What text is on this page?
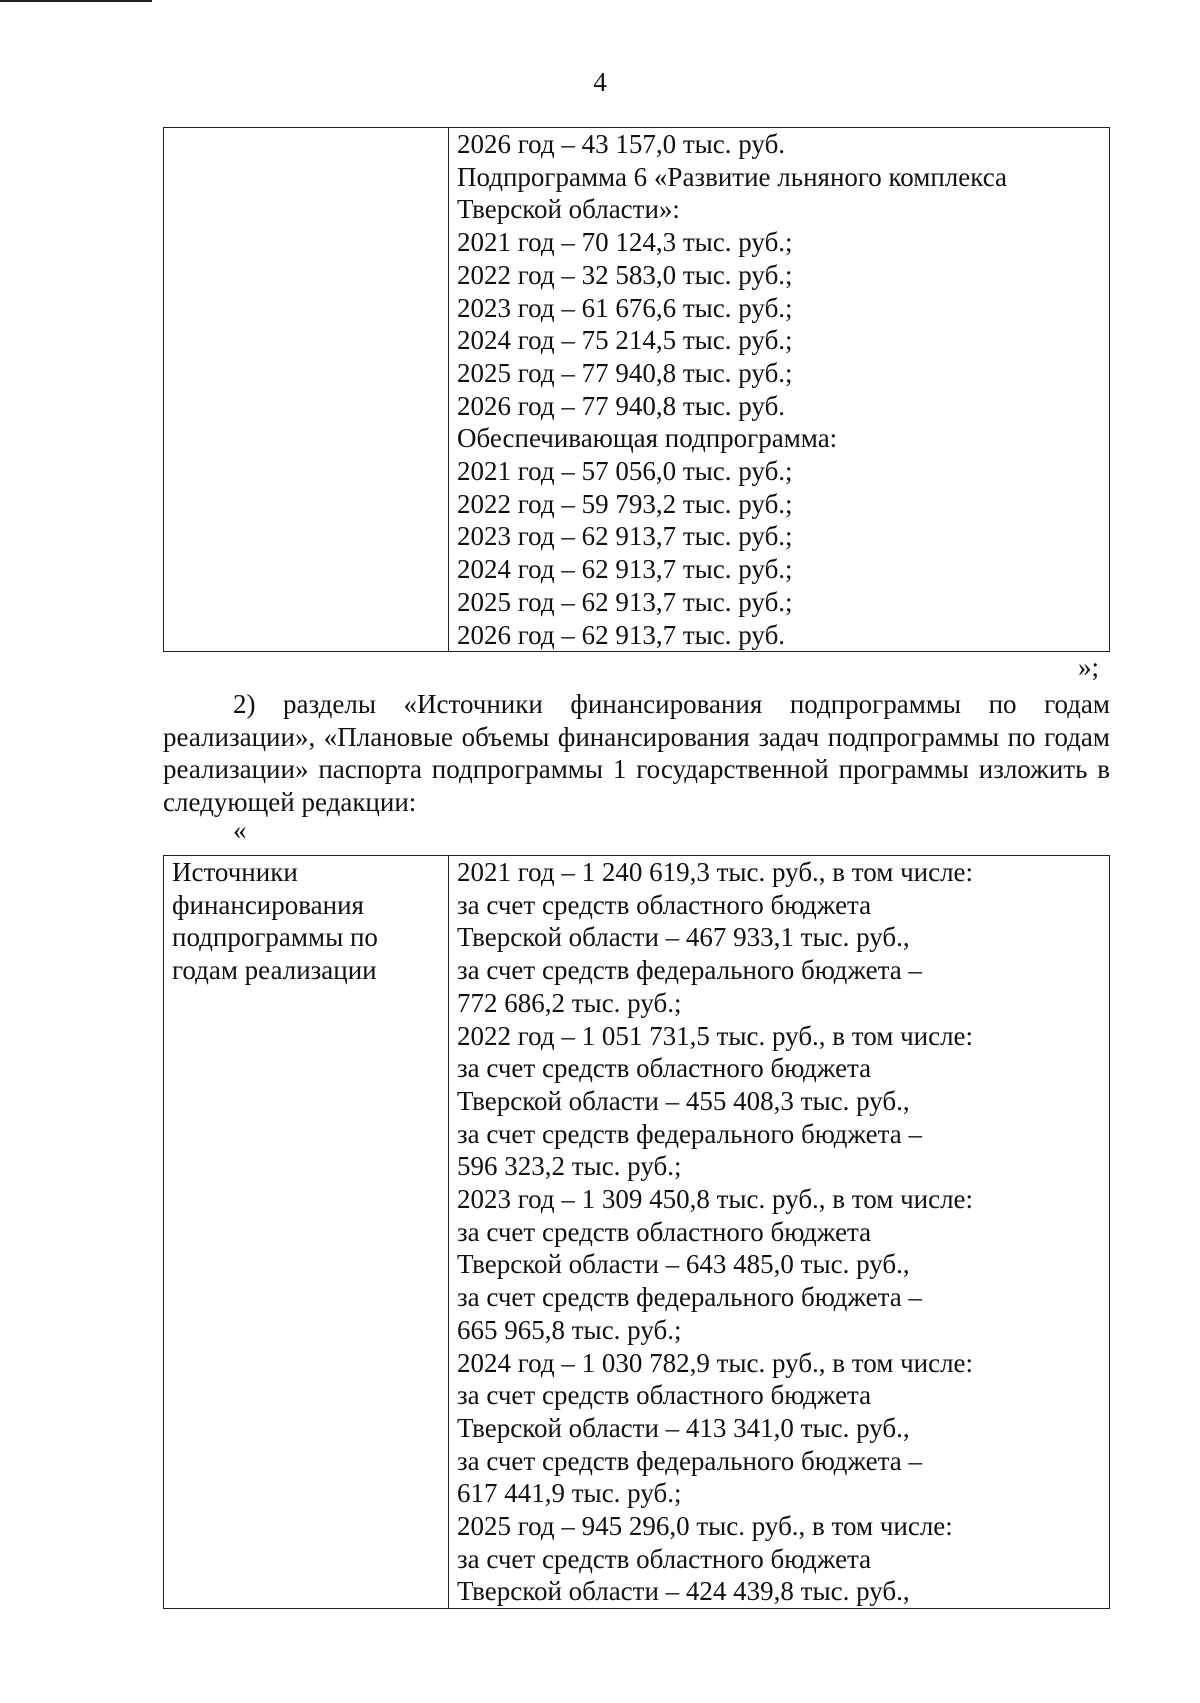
4

2026 год – 43 157,0 тыс. руб.
Подпрограмма 6 «Развитие льняного комплекса
Тверской области»:
2021 год – 70 124,3 тыс. руб.;
2022 год – 32 583,0 тыс. руб.;
2023 год – 61 676,6 тыс. руб.;
2024 год – 75 214,5 тыс. руб.;
2025 год – 77 940,8 тыс. руб.;
2026 год – 77 940,8 тыс. руб.
Обеспечивающая подпрограмма:
2021 год – 57 056,0 тыс. руб.;
2022 год – 59 793,2 тыс. руб.;
2023 год – 62 913,7 тыс. руб.;
2024 год – 62 913,7 тыс. руб.;
2025 год – 62 913,7 тыс. руб.;
2026 год – 62 913,7 тыс. руб.
»;

2) разделы «Источники финансирования подпрограммы по годам реализации», «Плановые объемы финансирования задач подпрограммы по годам реализации» паспорта подпрограммы 1 государственной программы изложить в следующей редакции:

«
Источники
финансирования
подпрограммы по
годам реализации

2021 год – 1 240 619,3 тыс. руб., в том числе:
за счет средств областного бюджета
Тверской области – 467 933,1 тыс. руб.,
за счет средств федерального бюджета –
772 686,2 тыс. руб.;
2022 год – 1 051 731,5 тыс. руб., в том числе:
за счет средств областного бюджета
Тверской области – 455 408,3 тыс. руб.,
за счет средств федерального бюджета –
596 323,2 тыс. руб.;
2023 год – 1 309 450,8 тыс. руб., в том числе:
за счет средств областного бюджета
Тверской области – 643 485,0 тыс. руб.,
за счет средств федерального бюджета –
665 965,8 тыс. руб.;
2024 год – 1 030 782,9 тыс. руб., в том числе:
за счет средств областного бюджета
Тверской области – 413 341,0 тыс. руб.,
за счет средств федерального бюджета –
617 441,9 тыс. руб.;
2025 год – 945 296,0 тыс. руб., в том числе:
за счет средств областного бюджета
Тверской области – 424 439,8 тыс. руб.,
